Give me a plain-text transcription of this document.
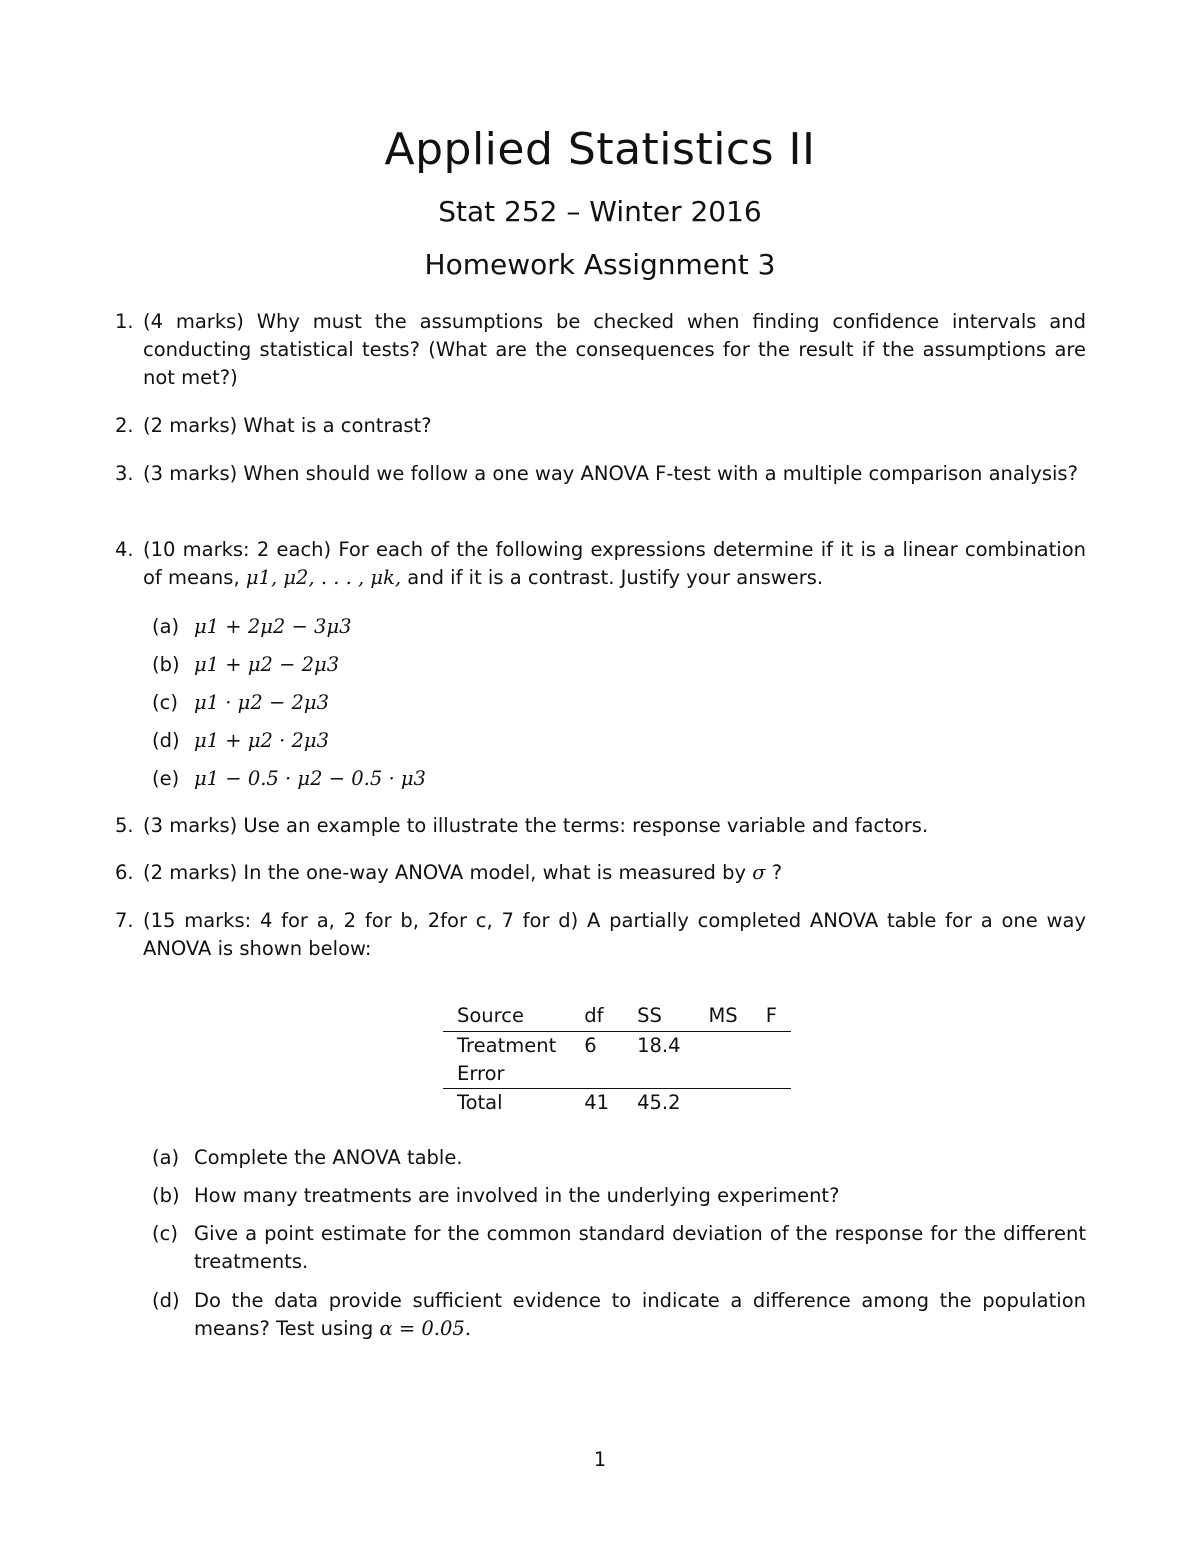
Applied Statistics II
Stat 252 – Winter 2016
Homework Assignment 3
1. (4 marks) Why must the assumptions be checked when finding confidence intervals and conducting statistical tests? (What are the consequences for the result if the assumptions are not met?)
2. (2 marks) What is a contrast?
3. (3 marks) When should we follow a one way ANOVA F-test with a multiple comparison analysis?
4. (10 marks: 2 each) For each of the following expressions determine if it is a linear combination of means, μ1, μ2, . . . , μk, and if it is a contrast. Justify your answers.
(a) μ1 + 2μ2 − 3μ3
(b) μ1 + μ2 − 2μ3
(c) μ1 · μ2 − 2μ3
(d) μ1 + μ2 · 2μ3
(e) μ1 − 0.5 · μ2 − 0.5 · μ3
5. (3 marks) Use an example to illustrate the terms: response variable and factors.
6. (2 marks) In the one-way ANOVA model, what is measured by σ ?
7. (15 marks: 4 for a, 2 for b, 2for c, 7 for d) A partially completed ANOVA table for a one way ANOVA is shown below:
Source	df	SS	MS	F
Treatment	6	18.4		
Error				
Total	41	45.2		
(a) Complete the ANOVA table.
(b) How many treatments are involved in the underlying experiment?
(c) Give a point estimate for the common standard deviation of the response for the different treatments.
(d) Do the data provide sufficient evidence to indicate a difference among the population means? Test using α = 0.05.
1
